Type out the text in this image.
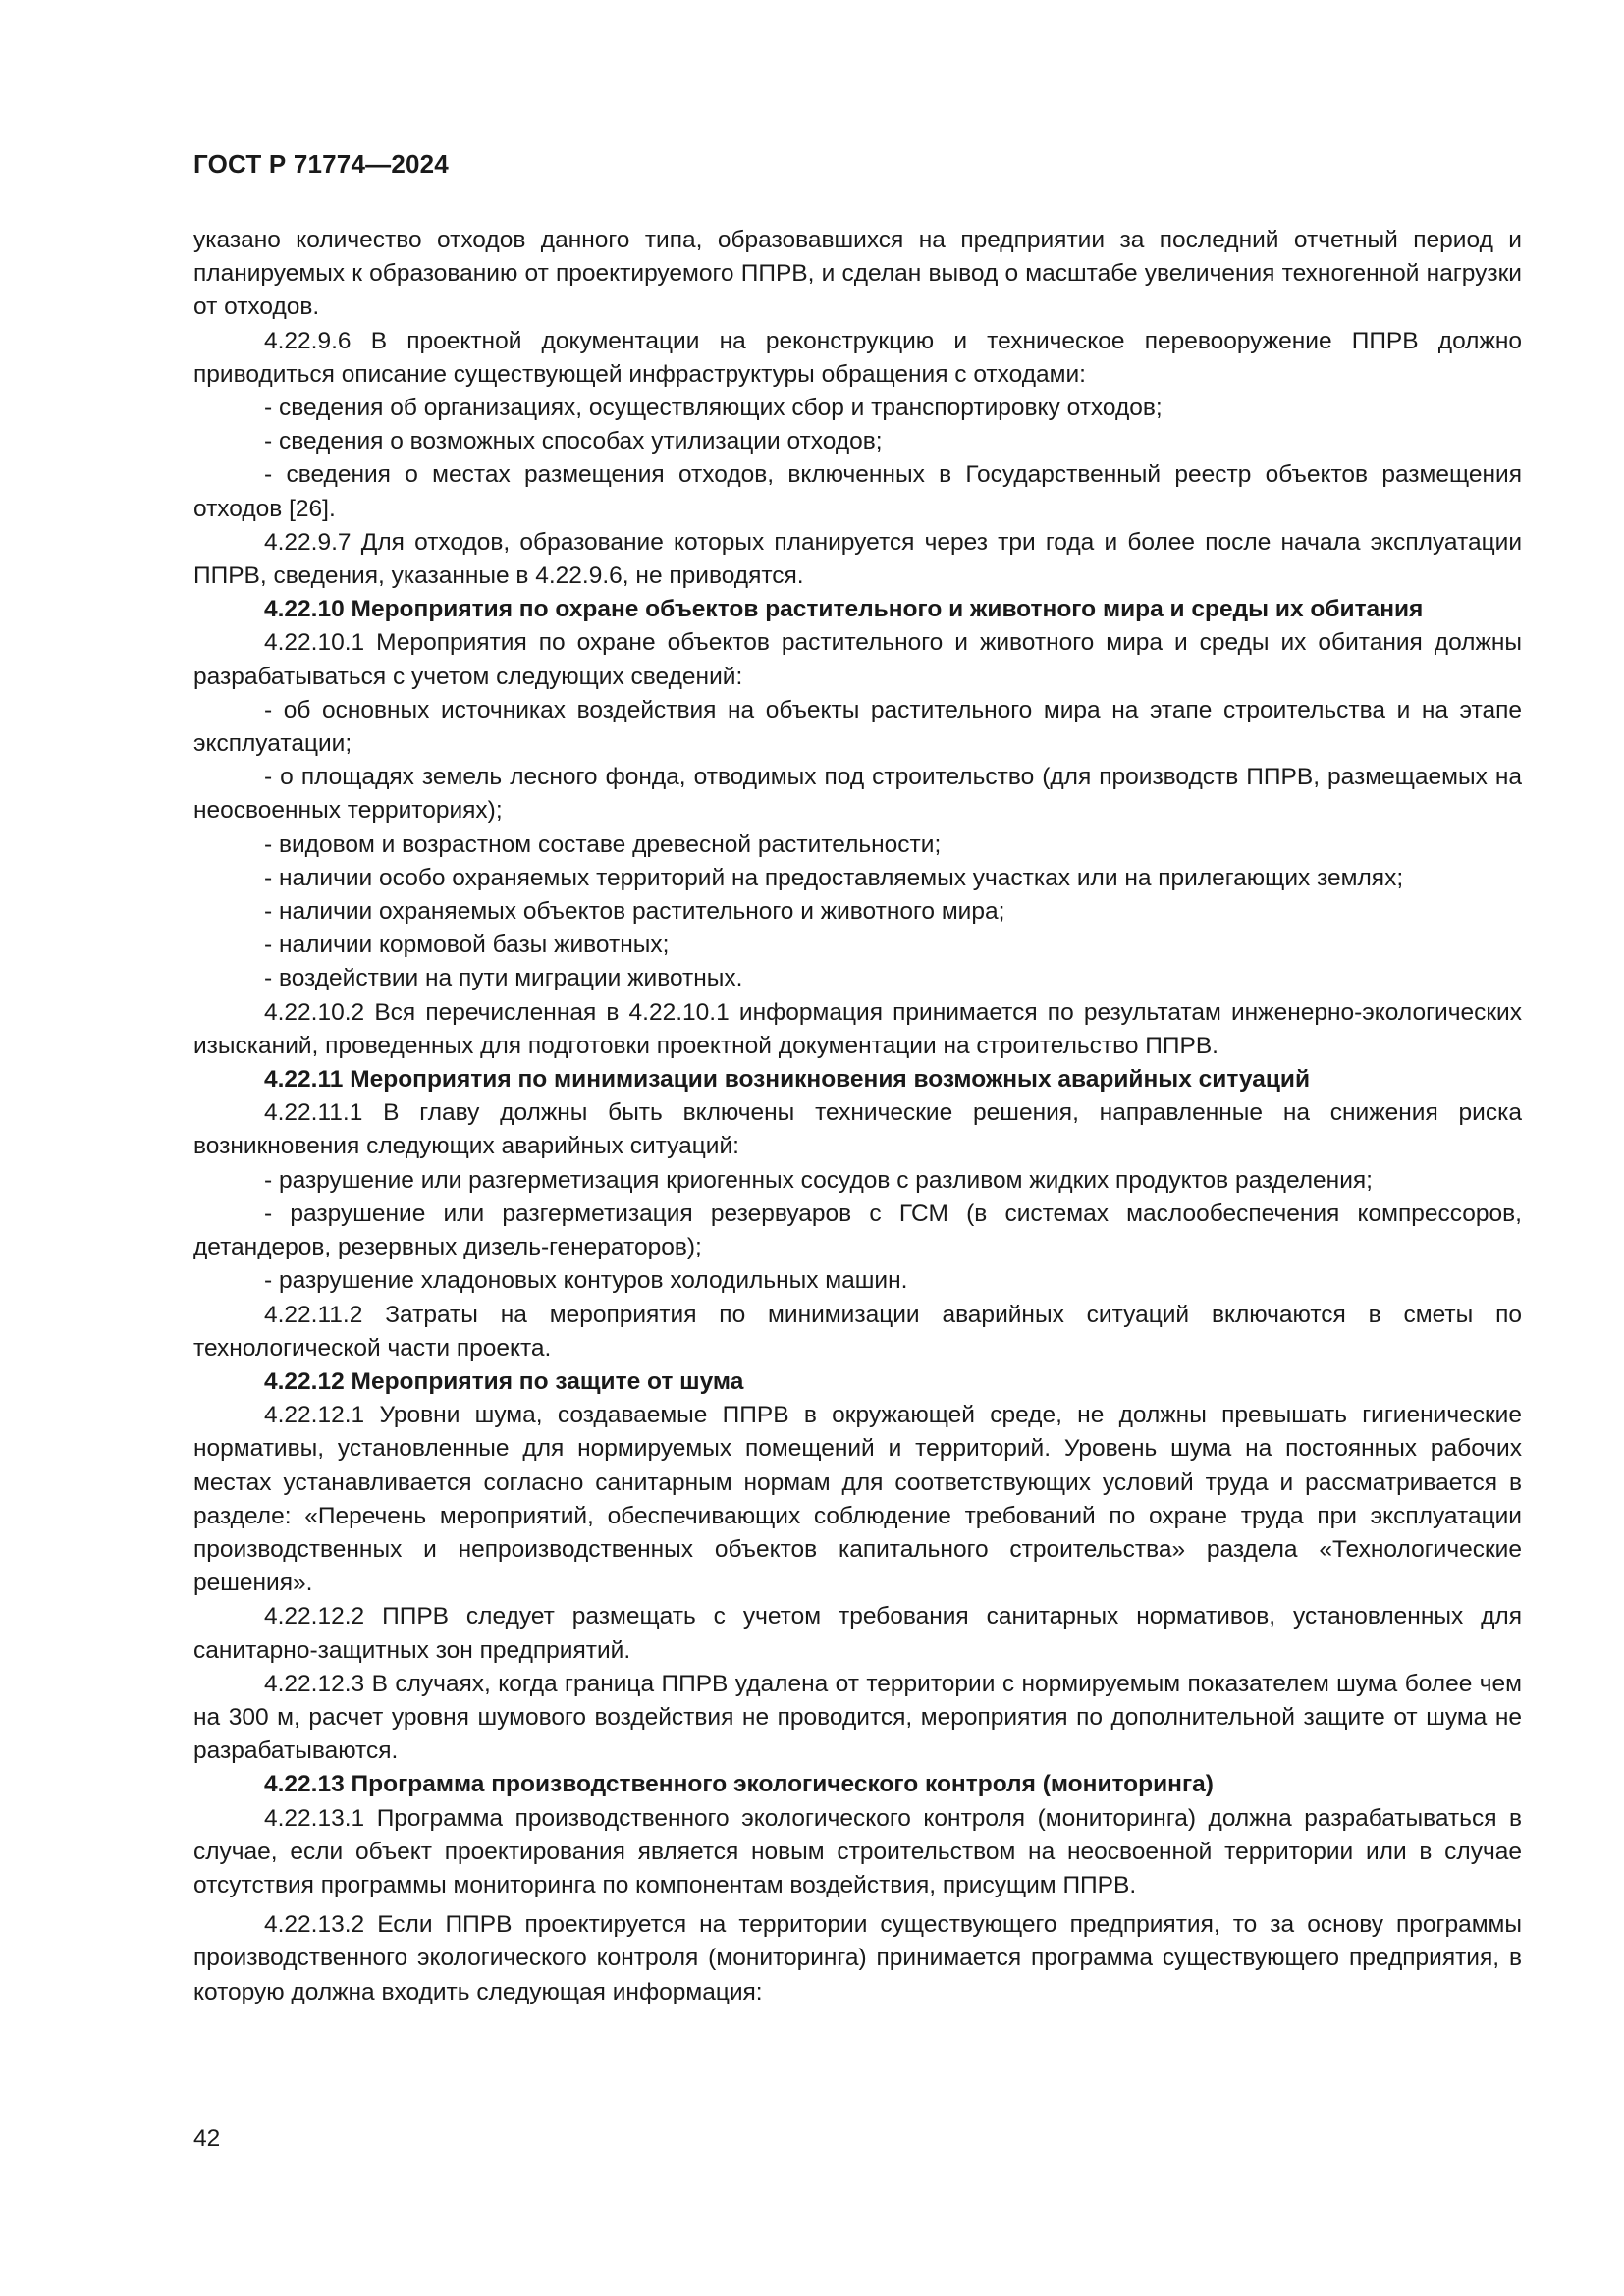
ГОСТ Р 71774—2024

указано количество отходов данного типа, образовавшихся на предприятии за последний отчетный период и планируемых к образованию от проектируемого ППРВ, и сделан вывод о масштабе увеличения техногенной нагрузки от отходов.

4.22.9.6 В проектной документации на реконструкцию и техническое перевооружение ППРВ должно приводиться описание существующей инфраструктуры обращения с отходами:

- сведения об организациях, осуществляющих сбор и транспортировку отходов;

- сведения о возможных способах утилизации отходов;

- сведения о местах размещения отходов, включенных в Государственный реестр объектов размещения отходов [26].

4.22.9.7 Для отходов, образование которых планируется через три года и более после начала эксплуатации ППРВ, сведения, указанные в 4.22.9.6, не приводятся.

4.22.10 Мероприятия по охране объектов растительного и животного мира и среды их обитания

4.22.10.1 Мероприятия по охране объектов растительного и животного мира и среды их обитания должны разрабатываться с учетом следующих сведений:

- об основных источниках воздействия на объекты растительного мира на этапе строительства и на этапе эксплуатации;

- о площадях земель лесного фонда, отводимых под строительство (для производств ППРВ, размещаемых на неосвоенных территориях);

- видовом и возрастном составе древесной растительности;

- наличии особо охраняемых территорий на предоставляемых участках или на прилегающих землях;

- наличии охраняемых объектов растительного и животного мира;

- наличии кормовой базы животных;

- воздействии на пути миграции животных.

4.22.10.2 Вся перечисленная в 4.22.10.1 информация принимается по результатам инженерно-экологических изысканий, проведенных для подготовки проектной документации на строительство ППРВ.

4.22.11 Мероприятия по минимизации возникновения возможных аварийных ситуаций

4.22.11.1 В главу должны быть включены технические решения, направленные на снижения риска возникновения следующих аварийных ситуаций:

- разрушение или разгерметизация криогенных сосудов с разливом жидких продуктов разделения;

- разрушение или разгерметизация резервуаров с ГСМ (в системах маслообеспечения компрессоров, детандеров, резервных дизель-генераторов);

- разрушение хладоновых контуров холодильных машин.

4.22.11.2 Затраты на мероприятия по минимизации аварийных ситуаций включаются в сметы по технологической части проекта.

4.22.12 Мероприятия по защите от шума

4.22.12.1 Уровни шума, создаваемые ППРВ в окружающей среде, не должны превышать гигиенические нормативы, установленные для нормируемых помещений и территорий. Уровень шума на постоянных рабочих местах устанавливается согласно санитарным нормам для соответствующих условий труда и рассматривается в разделе: «Перечень мероприятий, обеспечивающих соблюдение требований по охране труда при эксплуатации производственных и непроизводственных объектов капитального строительства» раздела «Технологические решения».

4.22.12.2 ППРВ следует размещать с учетом требования санитарных нормативов, установленных для санитарно-защитных зон предприятий.

4.22.12.3 В случаях, когда граница ППРВ удалена от территории с нормируемым показателем шума более чем на 300 м, расчет уровня шумового воздействия не проводится, мероприятия по дополнительной защите от шума не разрабатываются.

4.22.13 Программа производственного экологического контроля (мониторинга)

4.22.13.1 Программа производственного экологического контроля (мониторинга) должна разрабатываться в случае, если объект проектирования является новым строительством на неосвоенной территории или в случае отсутствия программы мониторинга по компонентам воздействия, присущим ППРВ.

4.22.13.2 Если ППРВ проектируется на территории существующего предприятия, то за основу программы производственного экологического контроля (мониторинга) принимается программа существующего предприятия, в которую должна входить следующая информация:

42
